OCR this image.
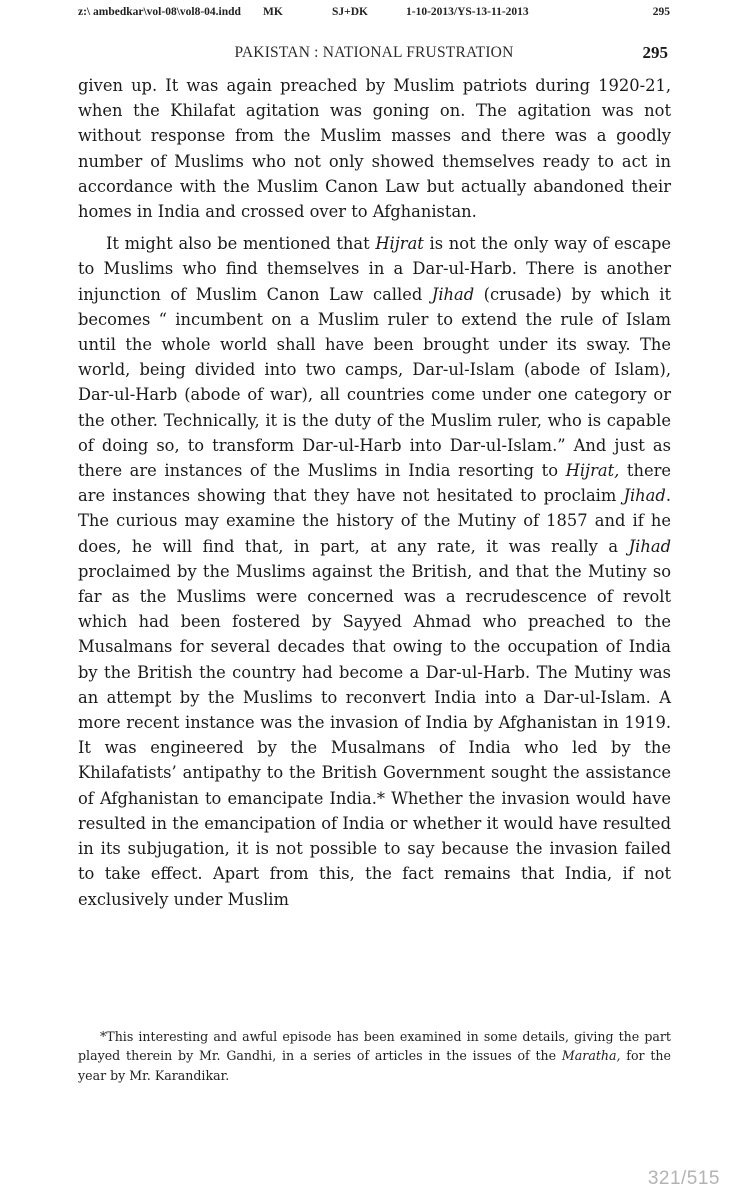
z:\ ambedkar\vol-08\vol8-04.indd MK	SJ+DK	1-10-2013/YS-13-11-2013	295
PAKISTAN : NATIONAL FRUSTRATION	295

given up. It was again preached by Muslim patriots during 1920-21, when the Khilafat agitation was goning on. The agitation was not without response from the Muslim masses and there was a goodly number of Muslims who not only showed themselves ready to act in accordance with the Muslim Canon Law but actually abandoned their homes in India and crossed over to Afghanistan.

It might also be mentioned that Hijrat is not the only way of escape to Muslims who find themselves in a Dar-ul-Harb. There is another injunction of Muslim Canon Law called Jihad (crusade) by which it becomes “ incumbent on a Muslim ruler to extend the rule of Islam until the whole world shall have been brought under its sway. The world, being divided into two camps, Dar-ul-Islam (abode of Islam), Dar-ul-Harb (abode of war), all countries come under one category or the other. Technically, it is the duty of the Muslim ruler, who is capable of doing so, to transform Dar-ul-Harb into Dar-ul-Islam.” And just as there are instances of the Muslims in India resorting to Hijrat, there are instances showing that they have not hesitated to proclaim Jihad. The curious may examine the history of the Mutiny of 1857 and if he does, he will find that, in part, at any rate, it was really a Jihad proclaimed by the Muslims against the British, and that the Mutiny so far as the Muslims were concerned was a recrudescence of revolt which had been fostered by Sayyed Ahmad who preached to the Musalmans for several decades that owing to the occupation of India by the British the country had become a Dar-ul-Harb. The Mutiny was an attempt by the Muslims to reconvert India into a Dar-ul-Islam. A more recent instance was the invasion of India by Afghanistan in 1919. It was engineered by the Musalmans of India who led by the Khilafatists’ antipathy to the British Government sought the assistance of Afghanistan to emancipate India.* Whether the invasion would have resulted in the emancipation of India or whether it would have resulted in its subjugation, it is not possible to say because the invasion failed to take effect. Apart from this, the fact remains that India, if not exclusively under Muslim

*This interesting and awful episode has been examined in some details, giving the part played therein by Mr. Gandhi, in a series of articles in the issues of the Maratha, for the year by Mr. Karandikar.

321/515
